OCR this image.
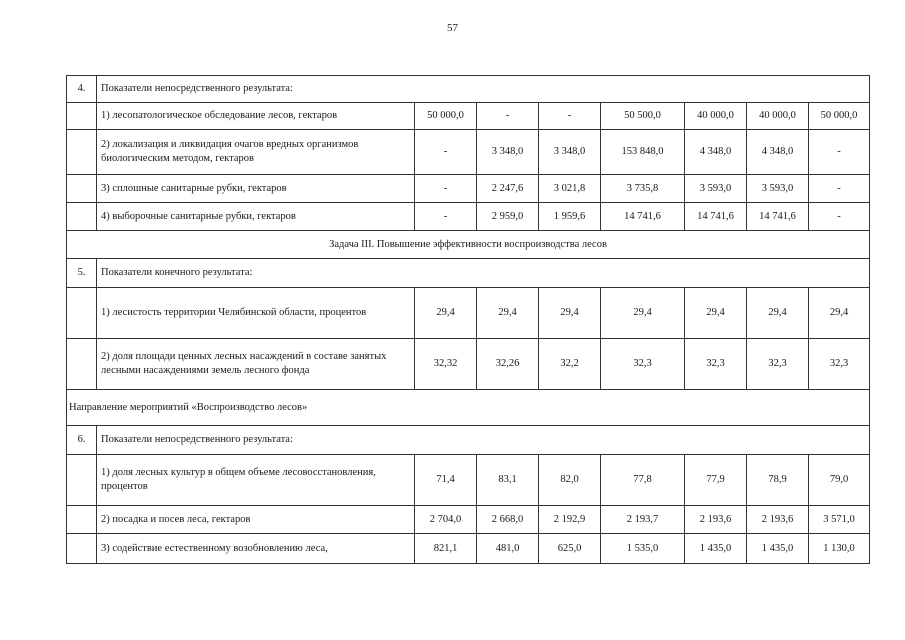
57
4.	Показатели непосредственного результата:							
	1) лесопатологическое обследование лесов, гектаров	50 000,0	-	-	50 500,0	40 000,0	40 000,0	50 000,0
	2) локализация и ликвидация очагов вредных организмов биологическим методом, гектаров	-	3 348,0	3 348,0	153 848,0	4 348,0	4 348,0	-
	3) сплошные санитарные рубки, гектаров	-	2 247,6	3 021,8	3 735,8	3 593,0	3 593,0	-
	4) выборочные санитарные рубки, гектаров	-	2 959,0	1 959,6	14 741,6	14 741,6	14 741,6	-
Задача III. Повышение эффективности воспроизводства лесов								
5.	Показатели конечного результата:							
	1) лесистость территории Челябинской области, процентов	29,4	29,4	29,4	29,4	29,4	29,4	29,4
	2) доля площади ценных лесных насаждений в составе занятых лесными насаждениями земель лесного фонда	32,32	32,26	32,2	32,3	32,3	32,3	32,3
Направление мероприятий «Воспроизводство лесов»								
6.	Показатели непосредственного результата:							
	1) доля лесных культур в общем объеме лесовосстановления, процентов	71,4	83,1	82,0	77,8	77,9	78,9	79,0
	2) посадка и посев леса, гектаров	2 704,0	2 668,0	2 192,9	2 193,7	2 193,6	2 193,6	3 571,0
	3) содействие естественному возобновлению леса,	821,1	481,0	625,0	1 535,0	1 435,0	1 435,0	1 130,0
